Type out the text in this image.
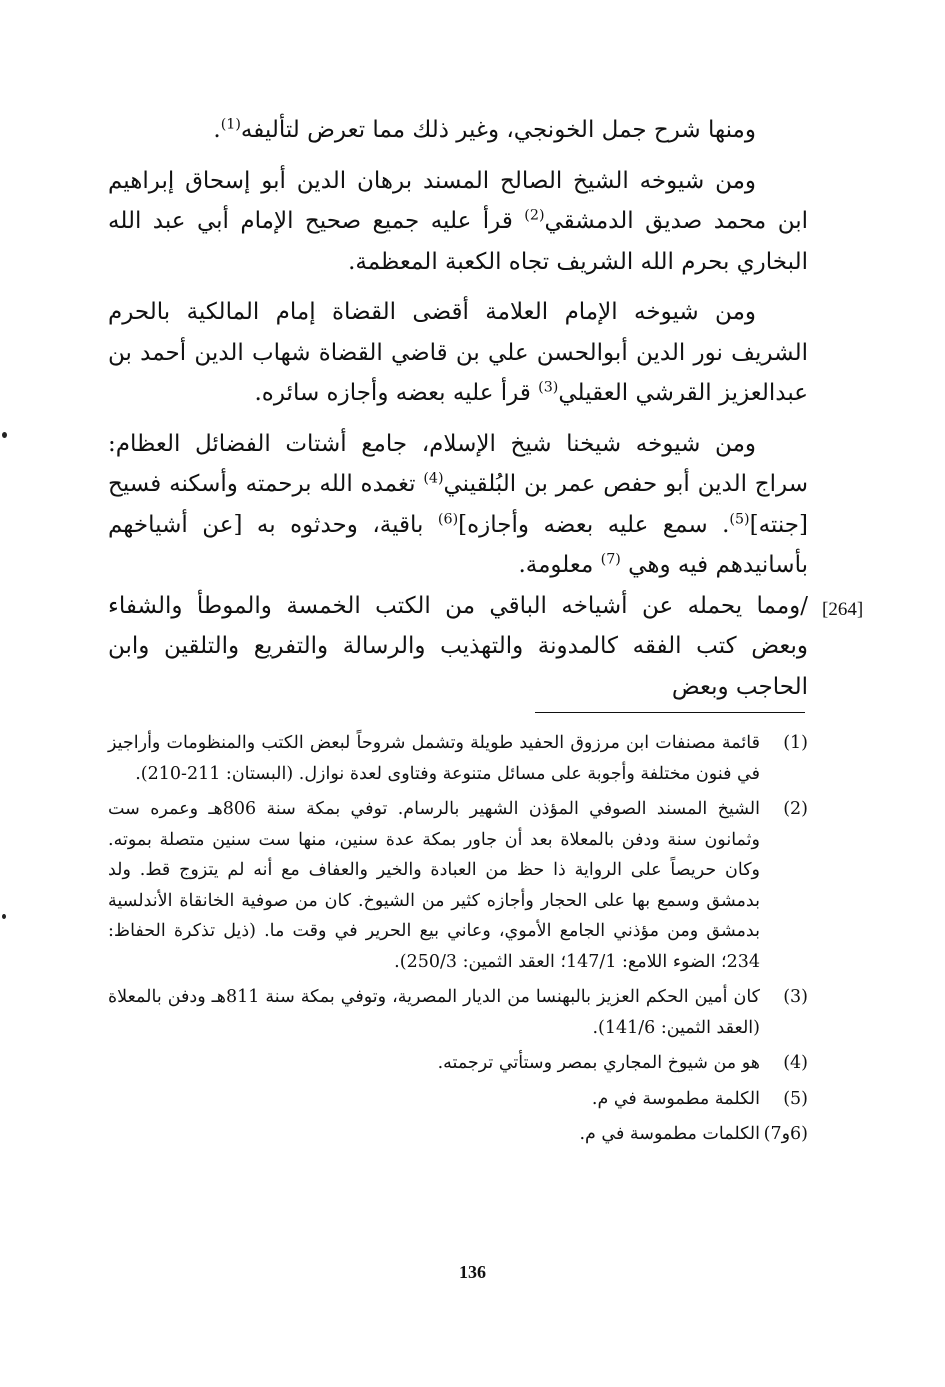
ومنها شرح جمل الخونجي، وغير ذلك مما تعرض لتأليفه$^{(1)}$.

ومن شيوخه الشيخ الصالح المسند برهان الدين أبو إسحاق إبراهيم ابن محمد صديق الدمشقي$^{(2)}$ قرأ عليه جميع صحيح الإمام أبي عبد الله البخاري بحرم الله الشريف تجاه الكعبة المعظمة.

ومن شيوخه الإمام العلامة أقضى القضاة إمام المالكية بالحرم الشريف نور الدين أبوالحسن علي بن قاضي القضاة شهاب الدين أحمد بن عبدالعزيز القرشي العقيلي$^{(3)}$ قرأ عليه بعضه وأجازه سائره.

ومن شيوخه شيخنا شيخ الإسلام، جامع أشتات الفضائل العظام: سراج الدين أبو حفص عمر بن البُلقيني$^{(4)}$ تغمده الله برحمته وأسكنه فسيح [جنته]$^{(5)}$. سمع عليه بعضه وأجازه]$^{(6)}$ باقية، وحدثوه به [عن أشياخهم بأسانيدهم فيه وهي $^{(7)}$ معلومة.

/ومما يحمله عن أشياخه الباقي من الكتب الخمسة والموطأ والشفاء وبعض كتب الفقه كالمدونة والتهذيب والرسالة والتفريع والتلقين وابن الحاجب وبعض

[264]
(1)
قائمة مصنفات ابن مرزوق الحفيد طويلة وتشمل شروحاً لبعض الكتب والمنظومات وأراجيز في فنون مختلفة وأجوبة على مسائل متنوعة وفتاوى لعدة نوازل. (البستان: 211-210).
(2)
الشيخ المسند الصوفي المؤذن الشهير بالرسام. توفي بمكة سنة 806هـ وعمره ست وثمانون سنة ودفن بالمعلاة بعد أن جاور بمكة عدة سنين، منها ست سنين متصلة بموته. وكان حريصاً على الرواية ذا حظ من العبادة والخير والعفاف مع أنه لم يتزوج قط. ولد بدمشق وسمع بها على الحجار وأجازه كثير من الشيوخ. كان من صوفية الخانقاة الأندلسية بدمشق ومن مؤذني الجامع الأموي، وعاني بيع الحرير في وقت ما. (ذيل تذكرة الحفاظ: 234؛ الضوء اللامع: 147/1؛ العقد الثمين: 250/3).
(3)
كان أمين الحكم العزيز بالبهنسا من الديار المصرية، وتوفي بمكة سنة 811هـ ودفن بالمعلاة (العقد الثمين: 141/6).
(4)
هو من شيوخ المجاري بمصر وستأتي ترجمته.
(5)
الكلمة مطموسة في م.
(6و7)
الكلمات مطموسة في م.
136
